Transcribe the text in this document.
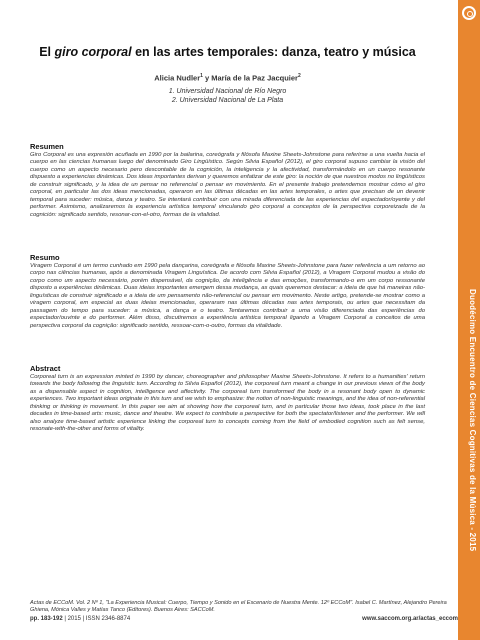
Duodécimo Encuentro de Ciencias Cognitivas de la Música - 2015
El giro corporal en las artes temporales: danza, teatro y música
Alicia Nudler$^1$ y María de la Paz Jacquier$^2$
1. Universidad Nacional de Río Negro
2. Universidad Nacional de La Plata
Resumen

Giro Corporal es una expresión acuñada en 1990 por la bailarina, coreógrafa y filósofa Maxine Sheets-Johnstone para referirse a una vuelta hacia el cuerpo en las ciencias humanas luego del denominado Giro Lingüístico. Según Silvia Español (2012), el giro corporal supuso cambiar la visión del cuerpo como un aspecto necesario pero descontable de la cognición, la inteligencia y la afectividad, transformándolo en un cuerpo resonante dispuesto a experiencias dinámicas. Dos ideas importantes derivan y queremos enfatizar de este giro: la noción de que nuestros modos no lingüísticos de construir significado, y la idea de un pensar no referencial o pensar en movimiento. En el presente trabajo pretendemos mostrar cómo el giro corporal, en particular las dos ideas mencionadas, operaron en las últimas décadas en las artes temporales, o artes que precisan de un devenir temporal para suceder: música, danza y teatro. Se intentará contribuir con una mirada diferenciada de las experiencias del espectador/oyente y del performer. Asimismo, analizaremos la experiencia artística temporal vinculando giro corporal a conceptos de la perspectiva corporeizada de la cognición: significado sentido, resonar-con-el-otro, formas de la vitalidad.

Resumo

Viragem Corporal é um termo cunhado em 1990 pela dançarina, coreógrafa e filósofa Maxine Sheets-Johnstone para fazer referência a um retorno ao corpo nas ciências humanas, após a denominada Viragem Linguística. De acordo com Silvia Español (2012), a Viragem Corporal mudou a visão do corpo como um aspecto necessário, porém dispensável, da cognição, da inteligência e das emoções, transformando-o em um corpo ressonante disposto a experiências dinâmicas. Duas ideias importantes emergem dessa mudança, as quais queremos destacar: a ideia de que há maneiras não-linguísticas de construir significado e a ideia de um pensamento não-referencial ou pensar em movimento. Neste artigo, pretende-se mostrar como a viragem corporal, em especial as duas ideias mencionadas, operaram nas últimas décadas nas artes temporais, ou artes que necessitam da passagem do tempo para suceder: a música, a dança e o teatro. Tentaremos contribuir a uma visão diferenciada das experiências do espectador/ouvinte e do performer. Além disso, discutiremos a experiência artística temporal ligando a Viragem Corporal a conceitos de uma perspectiva corporal da cognição: significado sentido, ressoar-com-o-outro, formas da vitalidade.

Abstract

Corporeal turn is an expression minted in 1990 by dancer, choreographer and philosopher Maxine Sheets-Johnstone. It refers to a humanities' return towards the body following the linguistic turn. According to Silvia Español (2012), the corporeal turn meant a change in our previous views of the body as a dispensable aspect in cognition, intelligence and affectivity. The corporeal turn transformed the body in a resonant body open to dynamic experiences. Two important ideas originate in this turn and we wish to emphasize: the notion of non-linguistic meanings, and the idea of non-referential thinking or thinking in movement. In this paper we aim at showing how the corporeal turn, and in particular those two ideas, took place in the last decades in time-based arts: music, dance and theatre. We expect to contribute a perspective for both the spectator/listener and the performer. We will also analyze time-based artistic experience linking the corporeal turn to concepts coming from the field of embodied cognition such as felt sense, resonate-with-the-other and forms of vitality.

Actas de ECCoM. Vol. 2 Nº 1, "La Experiencia Musical: Cuerpo, Tiempo y Sonido en el Escenario de Nuestra Mente. 12º ECCoM". Isabel C. Martínez, Alejandro Pereira Ghiena, Mónica Valles y Matías Tanco (Editores). Buenos Aires: SACCoM.
pp. 183-192 | 2015 | ISSN 2346-8874	www.saccom.org.ar/actas_eccom
